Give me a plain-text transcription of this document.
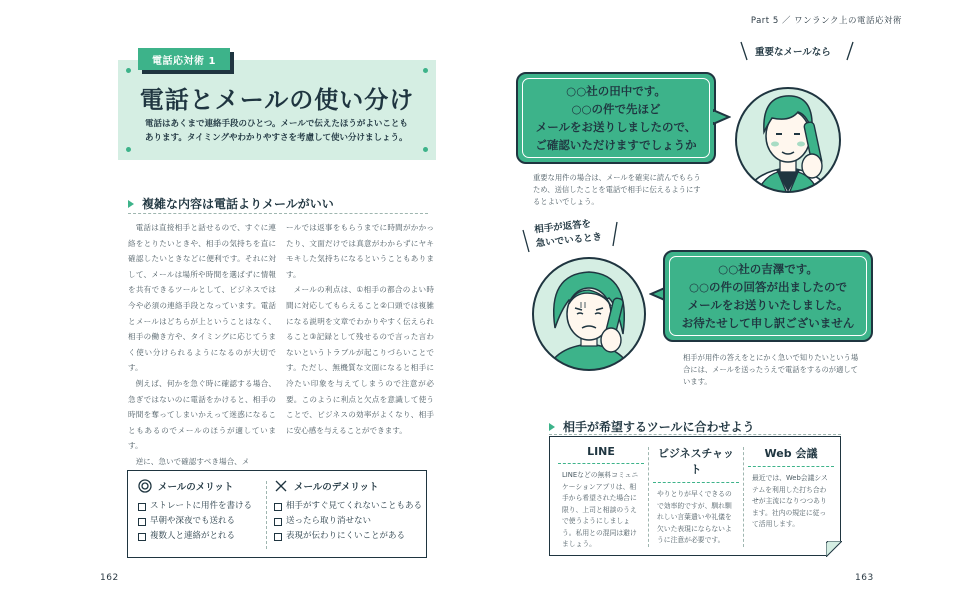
電話応対術 1
電話とメールの使い分け
電話はあくまで連絡手段のひとつ。メールで伝えたほうがよいこともあります。タイミングやわかりやすさを考慮して使い分けましょう。
複雑な内容は電話よりメールがいい

電話は直接相手と話せるので、すぐに連絡をとりたいときや、相手の気持ちを直に確認したいときなどに便利です。それに対して、メールは場所や時間を選ばずに情報を共有できるツールとして、ビジネスでは今や必須の連絡手段となっています。電話とメールはどちらが上ということはなく、相手の働き方や、タイミングに応じてうまく使い分けられるようになるのが大切です。

例えば、何かを急ぐ時に確認する場合、急ぎではないのに電話をかけると、相手の時間を奪ってしまいかえって迷惑になることもあるのでメールのほうが適しています。

逆に、急いで確認すべき場合、メ

ールでは返事をもらうまでに時間がかかったり、文面だけでは真意がわからずにヤキモキした気持ちになるということもあります。

メールの利点は、①相手の都合のよい時間に対応してもらえること②口頭では複雑になる説明を文章でわかりやすく伝えられること③記録として残せるので言った言わないというトラブルが起こりづらいことです。ただし、無機質な文面になると相手に冷たい印象を与えてしまうので注意が必要。このように利点と欠点を意識して使うことで、ビジネスの効率がよくなり、相手に安心感を与えることができます。

メールのメリット
ストレートに用件を書ける
早朝や深夜でも送れる
複数人と連絡がとれる
メールのデメリット
相手がすぐ見てくれないこともある
送ったら取り消せない
表現が伝わりにくいことがある
162
Part 5 ／ ワンランク上の電話応対術
重要なメールなら
○○社の田中です。
○○の件で先ほど
メールをお送りしましたので、
ご確認いただけますでしょうか
重要な用件の場合は、メールを確実に読んでもらうため、送信したことを電話で相手に伝えるようにするとよいでしょう。
相手が返答を
急いでいるとき
○○社の吉澤です。
○○の件の回答が出ましたので
メールをお送りいたしました。
お待たせして申し訳ございません
相手が用件の答えをとにかく急いで知りたいという場合には、メールを送ったうえで電話をするのが適しています。
相手が希望するツールに合わせよう
LINE
LINEなどの無料コミュニケーションアプリは、相手から希望された場合に限り、上司と相談のうえで使うようにしましょう。私用との混同は避けましょう。
ビジネスチャット
やりとりが早くできるので効率的ですが、馴れ馴れしい言葉遣いや礼儀を欠いた表現にならないように注意が必要です。
Web 会議
最近では、Web会議システムを利用した打ち合わせが主流になりつつあります。社内の規定に従って活用します。
163
